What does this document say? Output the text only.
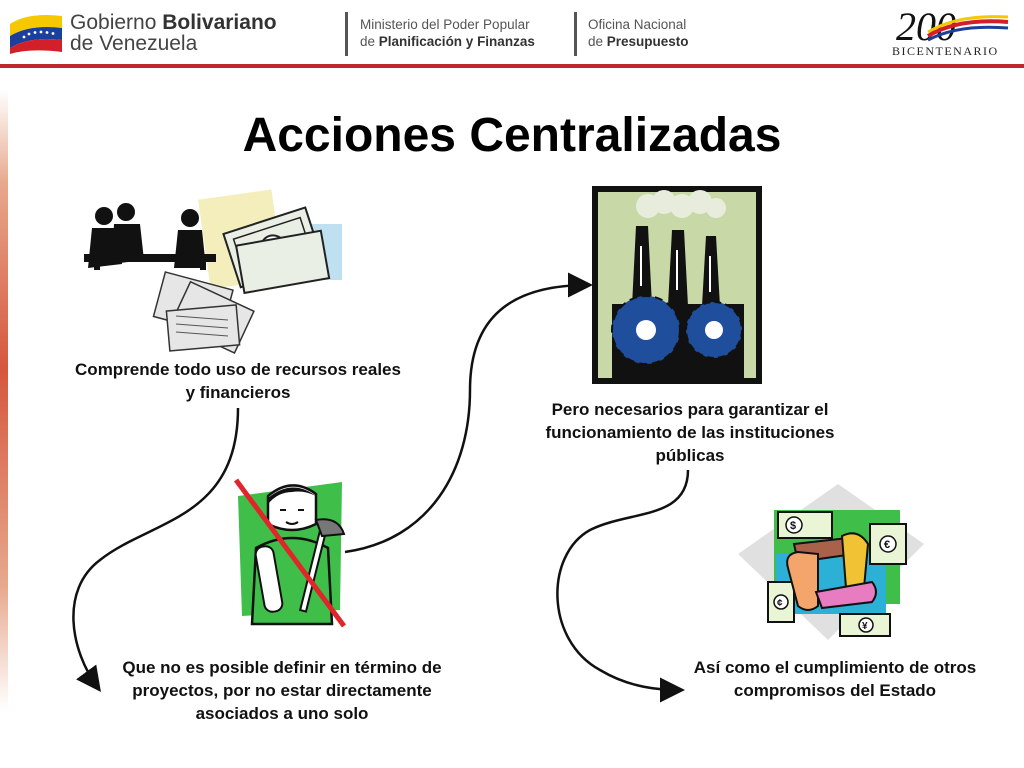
Gobierno Bolivariano
de Venezuela
Ministerio del Poder Popular
de Planificación y Finanzas
Oficina Nacional
de Presupuesto	200
BICENTENARIO
Acciones Centralizadas
Comprende todo uso de recursos reales y financieros
Pero necesarios para garantizar el funcionamiento de las instituciones públicas
Que no es posible definir en término de proyectos, por no estar directamente asociados a uno solo
$
€
¢
¥
Así como el cumplimiento de otros compromisos del Estado
